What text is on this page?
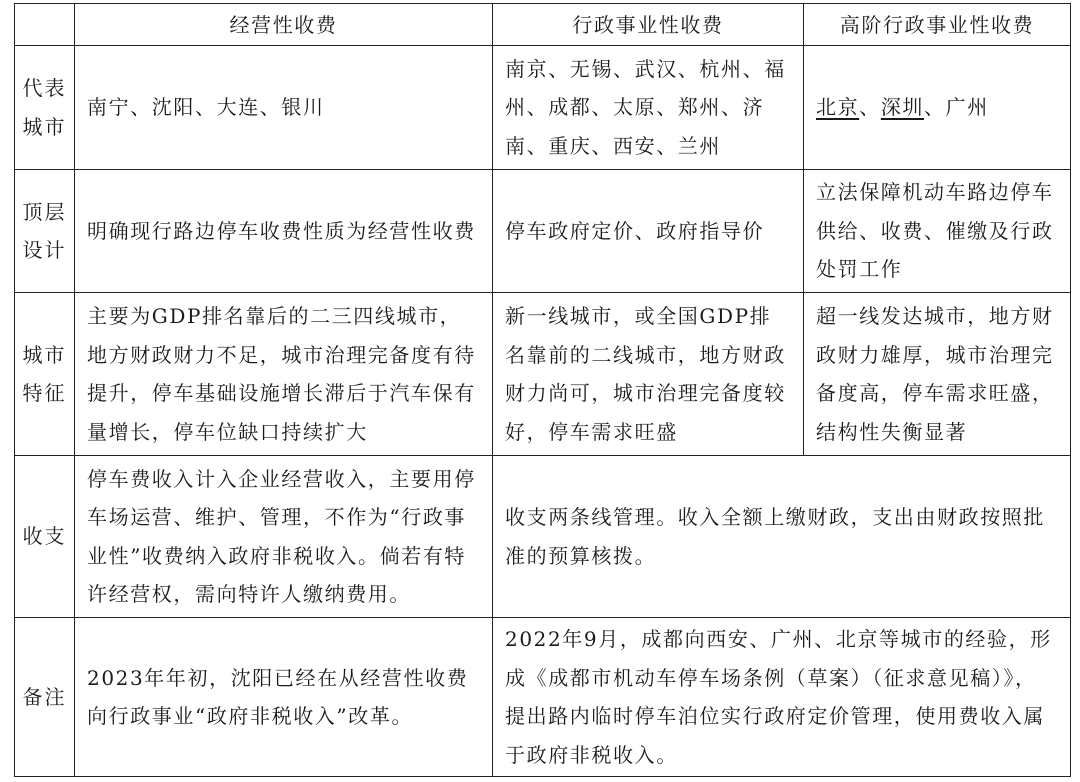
	经营性收费	行政事业性收费	高阶行政事业性收费
代表城市	南宁、沈阳、大连、银川	南京、无锡、武汉、杭州、福州、成都、太原、郑州、济南、重庆、西安、兰州	北京、深圳、广州
顶层设计	明确现行路边停车收费性质为经营性收费	停车政府定价、政府指导价	立法保障机动车路边停车供给、收费、催缴及行政处罚工作
城市特征	主要为GDP排名靠后的二三四线城市，地方财政财力不足，城市治理完备度有待提升，停车基础设施增长滞后于汽车保有量增长，停车位缺口持续扩大	新一线城市，或全国GDP排名靠前的二线城市，地方财政财力尚可，城市治理完备度较好，停车需求旺盛	超一线发达城市，地方财政财力雄厚，城市治理完备度高，停车需求旺盛，结构性失衡显著
收支	停车费收入计入企业经营收入，主要用停车场运营、维护、管理，不作为“行政事业性”收费纳入政府非税收入。倘若有特许经营权，需向特许人缴纳费用。	收支两条线管理。收入全额上缴财政，支出由财政按照批准的预算核拨。	
备注	2023年年初，沈阳已经在从经营性收费向行政事业“政府非税收入”改革。	2022年9月，成都向西安、广州、北京等城市的经验，形成《成都市机动车停车场条例（草案）（征求意见稿）》，提出路内临时停车泊位实行政府定价管理，使用费收入属于政府非税收入。	
